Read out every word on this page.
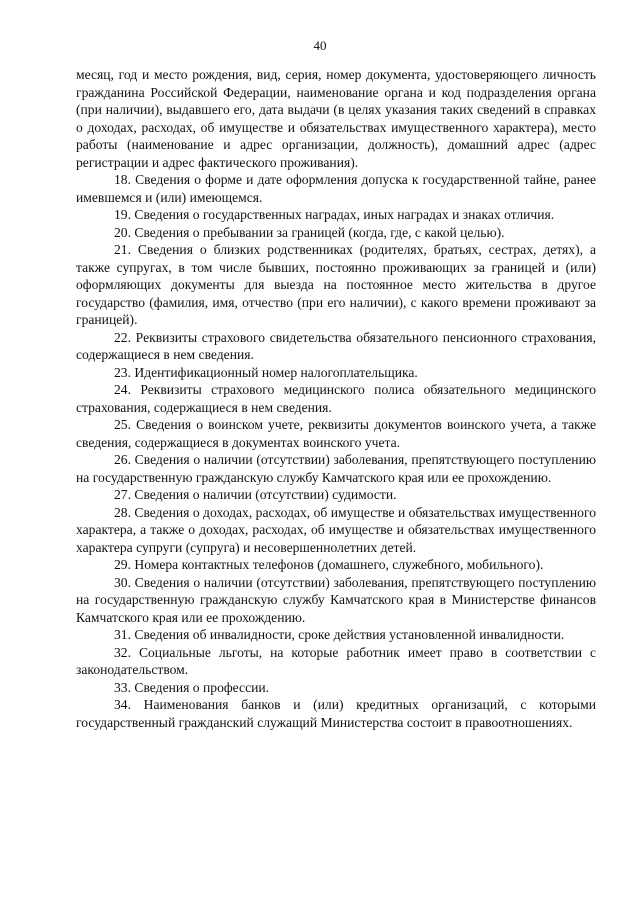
40

месяц, год и место рождения, вид, серия, номер документа, удостоверяющего личность гражданина Российской Федерации, наименование органа и код подразделения органа (при наличии), выдавшего его, дата выдачи (в целях указания таких сведений в справках о доходах, расходах, об имуществе и обязательствах имущественного характера), место работы (наименование и адрес организации, должность), домашний адрес (адрес регистрации и адрес фактического проживания).

18. Сведения о форме и дате оформления допуска к государственной тайне, ранее имевшемся и (или) имеющемся.

19. Сведения о государственных наградах, иных наградах и знаках отличия.

20. Сведения о пребывании за границей (когда, где, с какой целью).

21. Сведения о близких родственниках (родителях, братьях, сестрах, детях), а также супругах, в том числе бывших, постоянно проживающих за границей и (или) оформляющих документы для выезда на постоянное место жительства в другое государство (фамилия, имя, отчество (при его наличии), с какого времени проживают за границей).

22. Реквизиты страхового свидетельства обязательного пенсионного страхования, содержащиеся в нем сведения.

23. Идентификационный номер налогоплательщика.

24. Реквизиты страхового медицинского полиса обязательного медицинского страхования, содержащиеся в нем сведения.

25. Сведения о воинском учете, реквизиты документов воинского учета, а также сведения, содержащиеся в документах воинского учета.

26. Сведения о наличии (отсутствии) заболевания, препятствующего поступлению на государственную гражданскую службу Камчатского края или ее прохождению.

27. Сведения о наличии (отсутствии) судимости.

28. Сведения о доходах, расходах, об имуществе и обязательствах имущественного характера, а также о доходах, расходах, об имуществе и обязательствах имущественного характера супруги (супруга) и несовершеннолетних детей.

29. Номера контактных телефонов (домашнего, служебного, мобильного).

30. Сведения о наличии (отсутствии) заболевания, препятствующего поступлению на государственную гражданскую службу Камчатского края в Министерстве финансов Камчатского края или ее прохождению.

31. Сведения об инвалидности, сроке действия установленной инвалидности.

32. Социальные льготы, на которые работник имеет право в соответствии с законодательством.

33. Сведения о профессии.

34. Наименования банков и (или) кредитных организаций, с которыми государственный гражданский служащий Министерства состоит в правоотношениях.
